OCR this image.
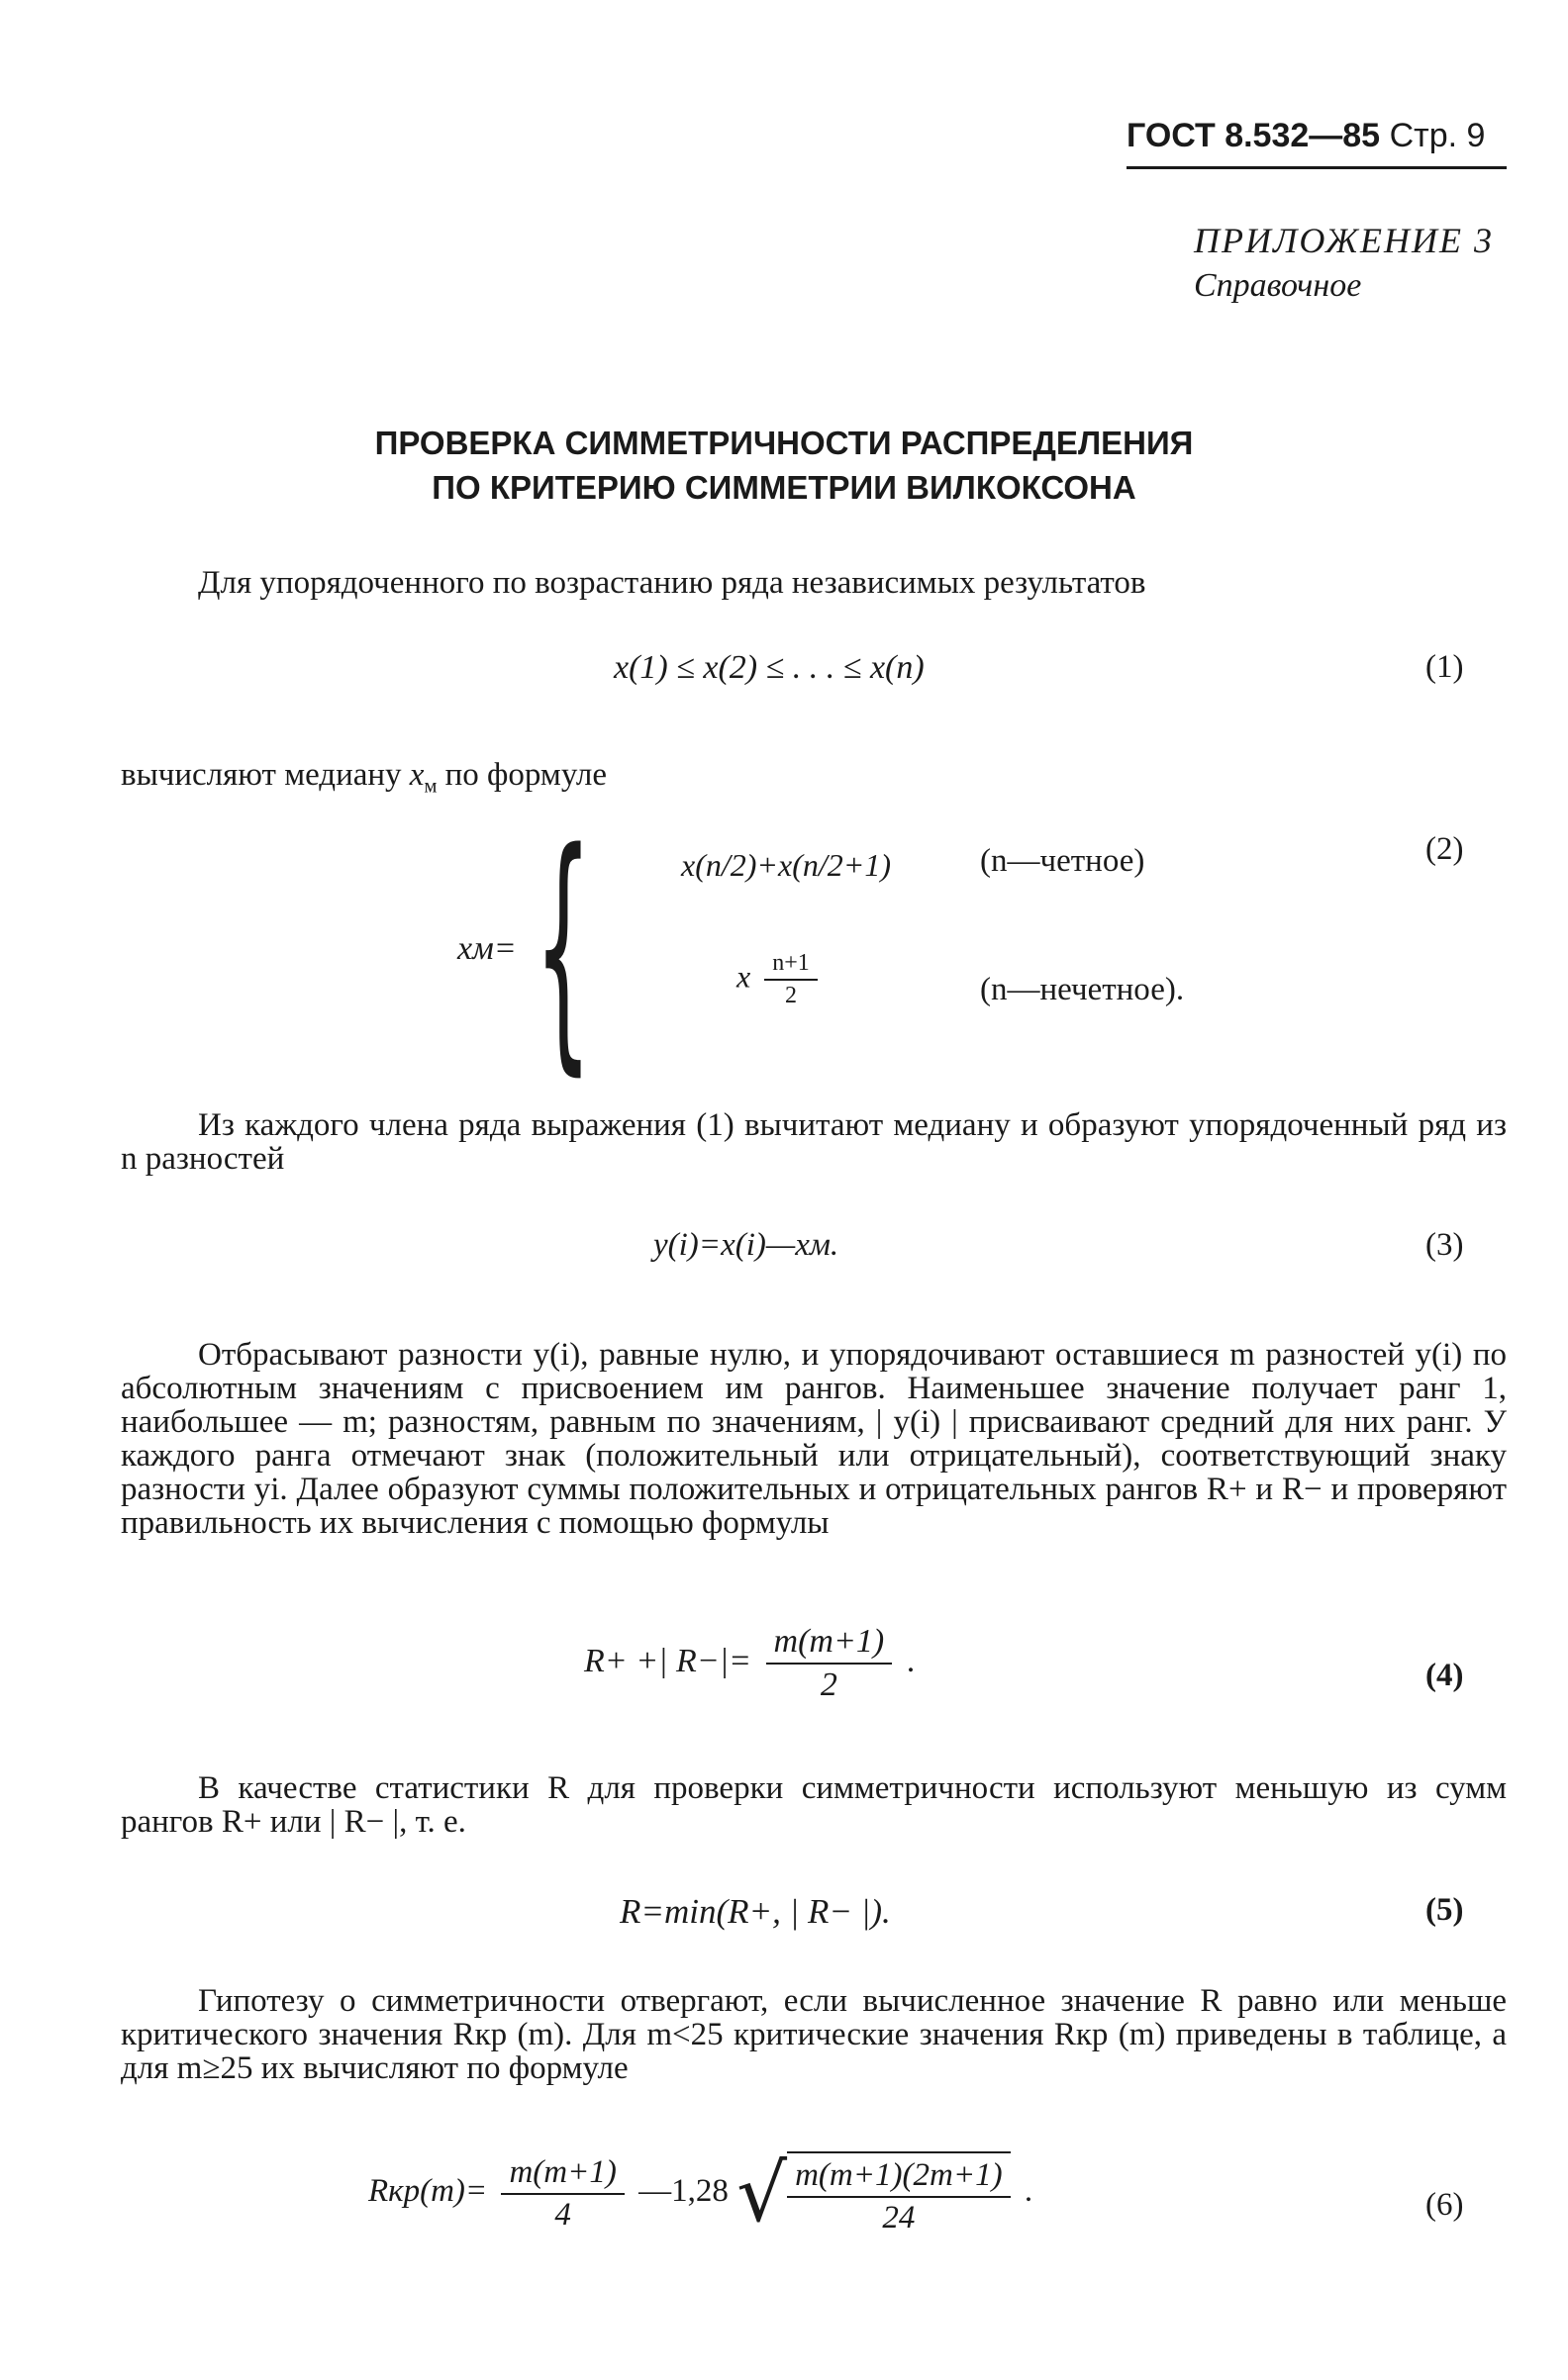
ГОСТ 8.532—85 Стр. 9
ПРИЛОЖЕНИЕ 3
Справочное
ПРОВЕРКА СИММЕТРИЧНОСТИ РАСПРЕДЕЛЕНИЯ
ПО КРИТЕРИЮ СИММЕТРИИ ВИЛКОКСОНА

Для упорядоченного по возрастанию ряда независимых результатов

x(1) ≤ x(2) ≤ . . . ≤ x(n)	(1)
вычисляют медиану $x_м$ по формуле
xм= {	x(n/2)+x(n/2+1)	(n—четное)	(2)
x $\frac{n+1}{2}$	(n—нечетное).

Из каждого члена ряда выражения (1) вычитают медиану и образуют упорядоченный ряд из n разностей

y(i)=x(i)—xм.	(3)

Отбрасывают разности y(i), равные нулю, и упорядочивают оставшиеся m разностей y(i) по абсолютным значениям с присвоением им рангов. Наименьшее значение получает ранг 1, наибольшее — m; разностям, равным по значениям, | y(i) | присваивают средний для них ранг. У каждого ранга отмечают знак (положительный или отрицательный), соответствующий знаку разности yi. Далее образуют суммы положительных и отрицательных рангов R+ и R− и проверяют правильность их вычисления с помощью формулы

R+ +| $R-|= \frac{m(m+1)}{2}$ .	(4)

В качестве статистики R для проверки симметричности используют меньшую из сумм рангов R+ или | R− |, т. е.

R=min(R+, | R− |).	(5)

Гипотезу о симметричности отвергают, если вычисленное значение R равно или меньше критического значения Rкр (m). Для m<25 критические значения Rкр (m) приведены в таблице, а для m≥25 их вычисляют по формуле

$Rкр(m)= \frac{m(m+1)}{4}$ —1,28 √ $\frac{m(m+1)(2m+1)}{24}$ .	(6)
